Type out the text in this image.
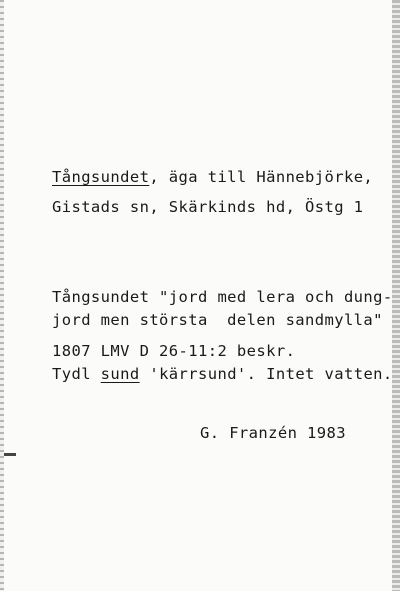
Tångsundet, äga till Hännebjörke,
Gistads sn, Skärkinds hd, Östg 1
Tångsundet "jord med lera och dung-
jord men största  delen sandmylla"
1807 LMV D 26-11:2 beskr.
Tydl sund 'kärrsund'. Intet vatten.
G. Franzén 1983
